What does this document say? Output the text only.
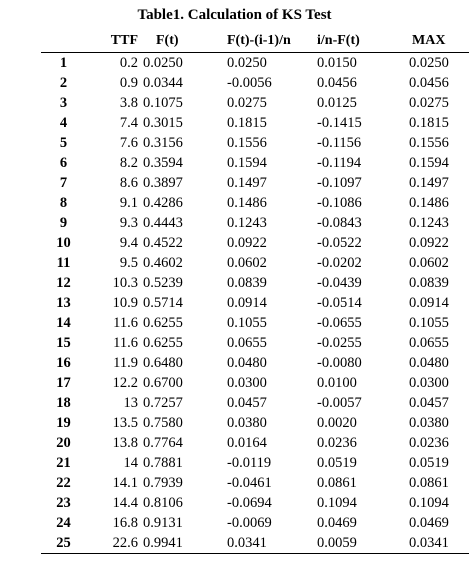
Table1. Calculation of KS Test
	TTF	F(t)	F(t)-(i-1)/n	i/n-F(t)	MAX
1	0.2	0.0250	0.0250	0.0150	0.0250
2	0.9	0.0344	-0.0056	0.0456	0.0456
3	3.8	0.1075	0.0275	0.0125	0.0275
4	7.4	0.3015	0.1815	-0.1415	0.1815
5	7.6	0.3156	0.1556	-0.1156	0.1556
6	8.2	0.3594	0.1594	-0.1194	0.1594
7	8.6	0.3897	0.1497	-0.1097	0.1497
8	9.1	0.4286	0.1486	-0.1086	0.1486
9	9.3	0.4443	0.1243	-0.0843	0.1243
10	9.4	0.4522	0.0922	-0.0522	0.0922
11	9.5	0.4602	0.0602	-0.0202	0.0602
12	10.3	0.5239	0.0839	-0.0439	0.0839
13	10.9	0.5714	0.0914	-0.0514	0.0914
14	11.6	0.6255	0.1055	-0.0655	0.1055
15	11.6	0.6255	0.0655	-0.0255	0.0655
16	11.9	0.6480	0.0480	-0.0080	0.0480
17	12.2	0.6700	0.0300	0.0100	0.0300
18	13	0.7257	0.0457	-0.0057	0.0457
19	13.5	0.7580	0.0380	0.0020	0.0380
20	13.8	0.7764	0.0164	0.0236	0.0236
21	14	0.7881	-0.0119	0.0519	0.0519
22	14.1	0.7939	-0.0461	0.0861	0.0861
23	14.4	0.8106	-0.0694	0.1094	0.1094
24	16.8	0.9131	-0.0069	0.0469	0.0469
25	22.6	0.9941	0.0341	0.0059	0.0341
